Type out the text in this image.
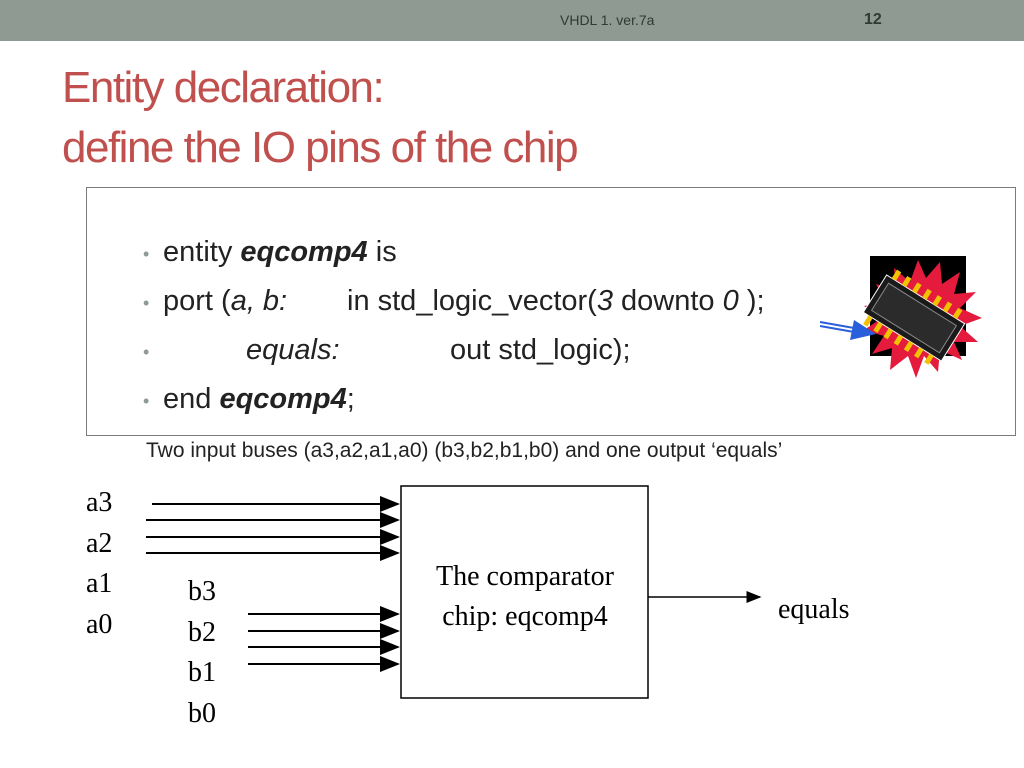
VHDL 1. ver.7a	12
Entity declaration:
define the IO pins of the chip
• entity eqcomp4 is
• port (a, b: in std_logic_vector(3 downto 0 );
•	equals:	out std_logic);
• end eqcomp4;
Two input buses (a3,a2,a1,a0) (b3,b2,b1,b0) and one output ‘equals’
a3
a2
a1
a0
b3
b2
b1
b0
The comparator
chip: eqcomp4	equals
